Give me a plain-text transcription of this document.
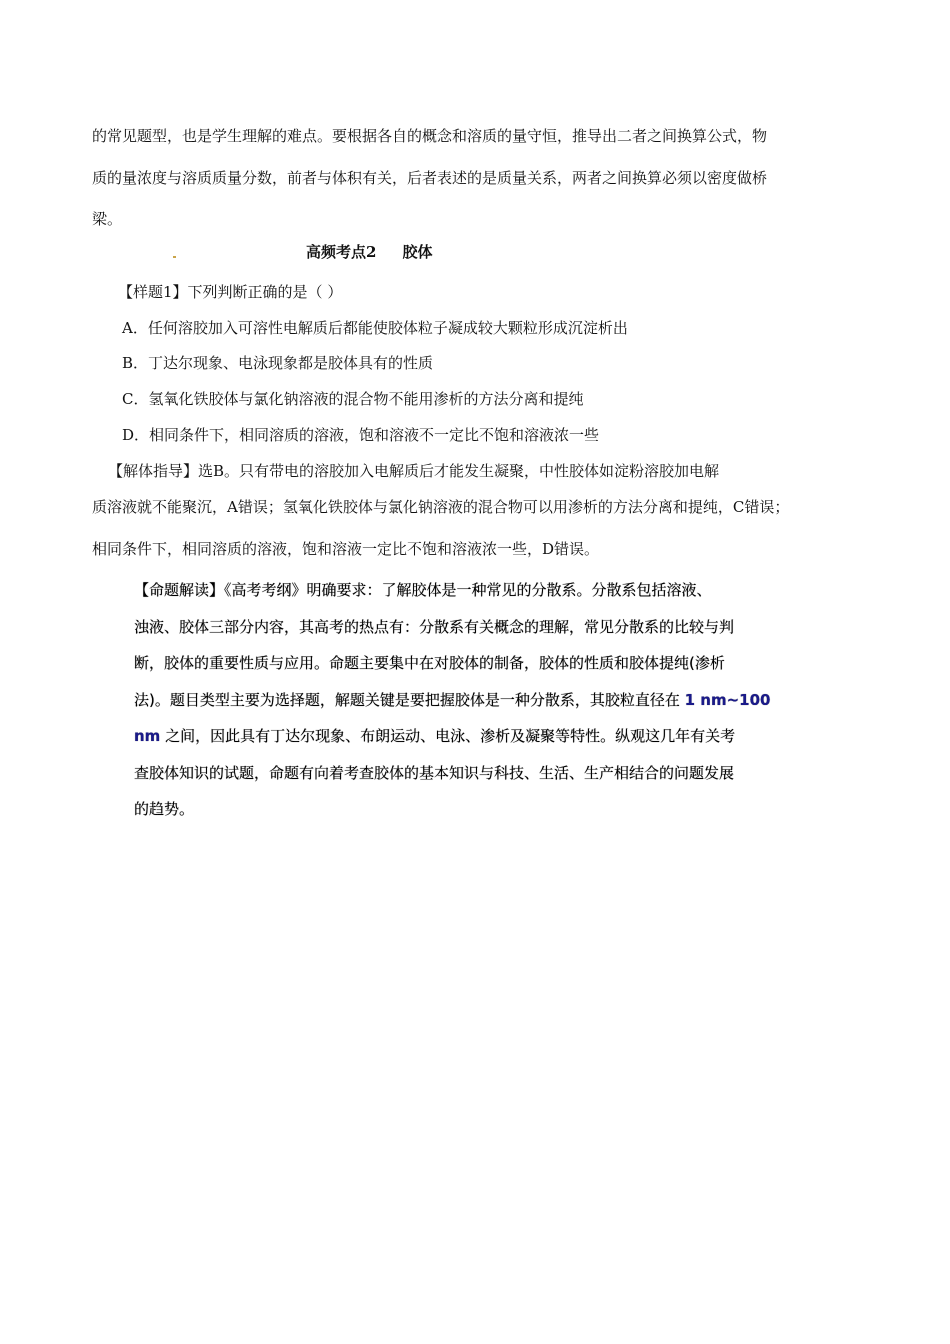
的常见题型，也是学生理解的难点。要根据各自的概念和溶质的量守恒，推导出二者之间换算公式，物
质的量浓度与溶质质量分数，前者与体积有关，后者表述的是质量关系，两者之间换算必须以密度做桥
梁。
高频考点2 胶体
【样题1】下列判断正确的是（ ）
A．任何溶胶加入可溶性电解质后都能使胶体粒子凝成较大颗粒形成沉淀析出
B．丁达尔现象、电泳现象都是胶体具有的性质
C．氢氧化铁胶体与氯化钠溶液的混合物不能用渗析的方法分离和提纯
D．相同条件下，相同溶质的溶液，饱和溶液不一定比不饱和溶液浓一些
【解体指导】选B。只有带电的溶胶加入电解质后才能发生凝聚，中性胶体如淀粉溶胶加电解
质溶液就不能聚沉，A错误；氢氧化铁胶体与氯化钠溶液的混合物可以用渗析的方法分离和提纯，C错误；
相同条件下，相同溶质的溶液，饱和溶液一定比不饱和溶液浓一些，D错误。
【命题解读】《高考考纲》明确要求：了解胶体是一种常见的分散系。分散系包括溶液、
浊液、胶体三部分内容，其高考的热点有：分散系有关概念的理解，常见分散系的比较与判
断，胶体的重要性质与应用。命题主要集中在对胶体的制备，胶体的性质和胶体提纯(渗析
法)。题目类型主要为选择题，解题关键是要把握胶体是一种分散系，其胶粒直径在 1 nm~100
nm 之间，因此具有丁达尔现象、布朗运动、电泳、渗析及凝聚等特性。纵观这几年有关考
查胶体知识的试题，命题有向着考查胶体的基本知识与科技、生活、生产相结合的问题发展
的趋势。
